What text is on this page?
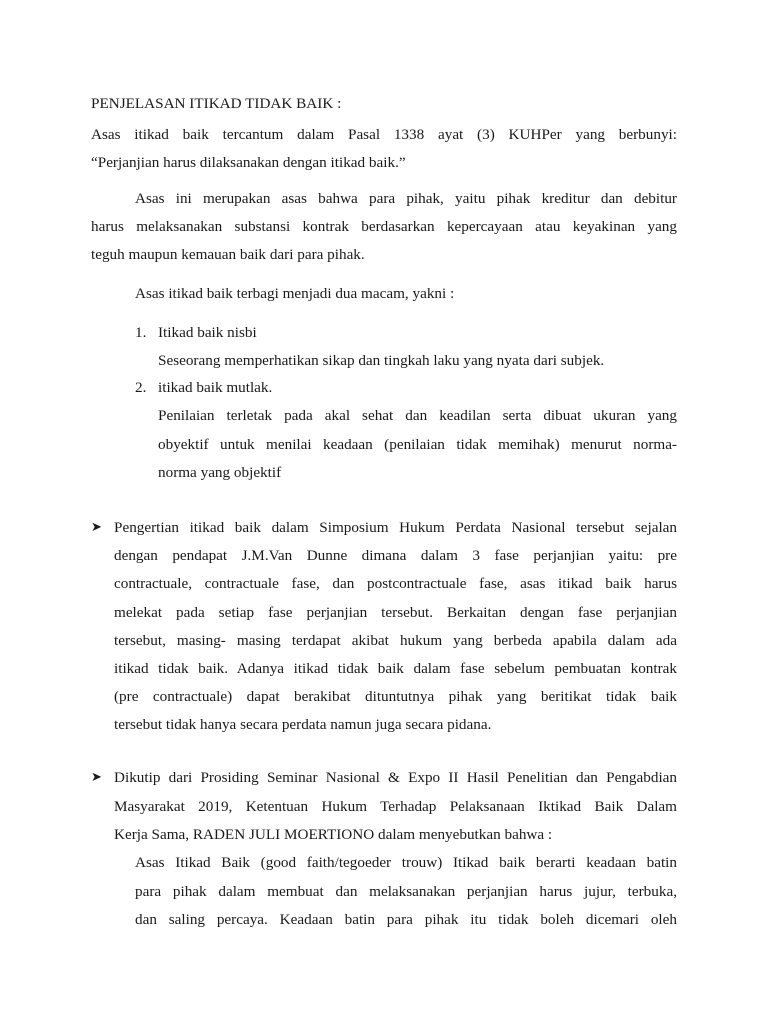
PENJELASAN ITIKAD TIDAK BAIK :
Asas itikad baik tercantum dalam Pasal 1338 ayat (3) KUHPer yang berbunyi:
“Perjanjian harus dilaksanakan dengan itikad baik.”
Asas ini merupakan asas bahwa para pihak, yaitu pihak kreditur dan debitur
harus melaksanakan substansi kontrak berdasarkan kepercayaan atau keyakinan yang
teguh maupun kemauan baik dari para pihak.
Asas itikad baik terbagi menjadi dua macam, yakni :
1. Itikad baik nisbi
Seseorang memperhatikan sikap dan tingkah laku yang nyata dari subjek.
2. itikad baik mutlak.
Penilaian terletak pada akal sehat dan keadilan serta dibuat ukuran yang
obyektif untuk menilai keadaan (penilaian tidak memihak) menurut norma-
norma yang objektif
➤ Pengertian itikad baik dalam Simposium Hukum Perdata Nasional tersebut sejalan
dengan pendapat J.M.Van Dunne dimana dalam 3 fase perjanjian yaitu: pre
contractuale, contractuale fase, dan postcontractuale fase, asas itikad baik harus
melekat pada setiap fase perjanjian tersebut. Berkaitan dengan fase perjanjian
tersebut, masing- masing terdapat akibat hukum yang berbeda apabila dalam ada
itikad tidak baik. Adanya itikad tidak baik dalam fase sebelum pembuatan kontrak
(pre contractuale) dapat berakibat dituntutnya pihak yang beritikat tidak baik
tersebut tidak hanya secara perdata namun juga secara pidana.
➤ Dikutip dari Prosiding Seminar Nasional & Expo II Hasil Penelitian dan Pengabdian
Masyarakat 2019, Ketentuan Hukum Terhadap Pelaksanaan Iktikad Baik Dalam
Kerja Sama, RADEN JULI MOERTIONO dalam menyebutkan bahwa :
Asas Itikad Baik (good faith/tegoeder trouw) Itikad baik berarti keadaan batin
para pihak dalam membuat dan melaksanakan perjanjian harus jujur, terbuka,
dan saling percaya. Keadaan batin para pihak itu tidak boleh dicemari oleh
